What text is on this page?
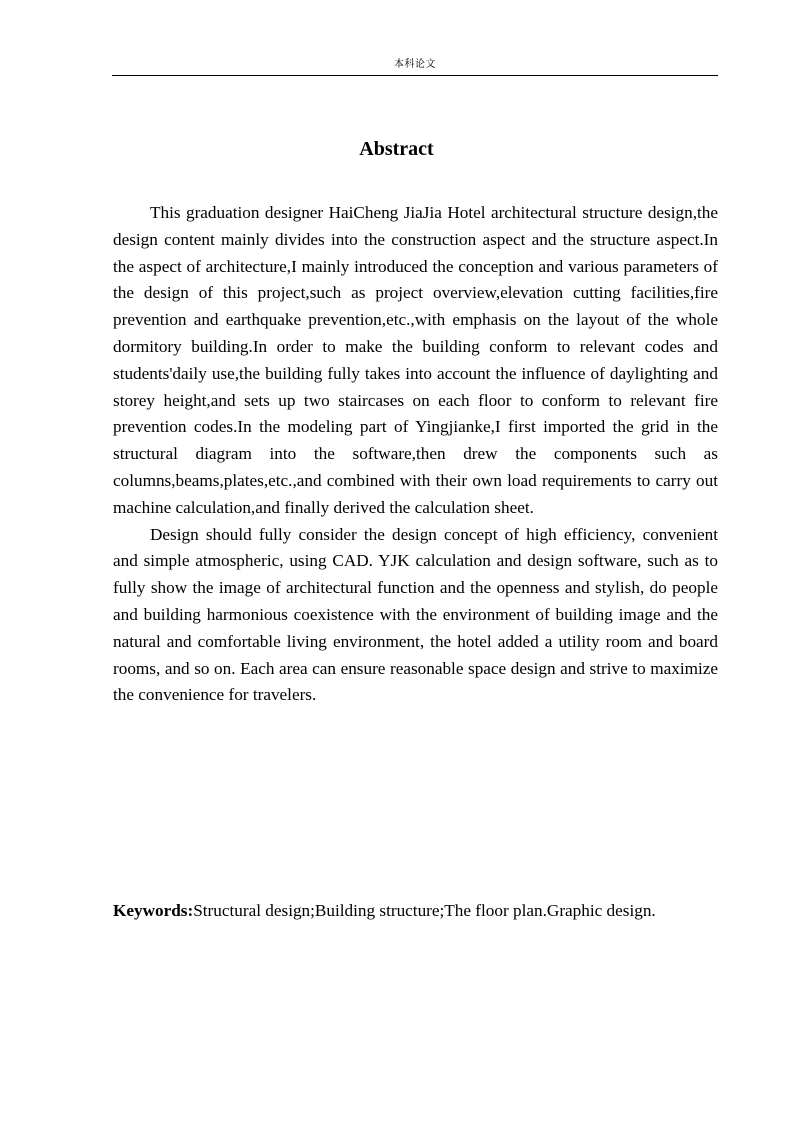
本科论文
Abstract

This graduation designer HaiCheng JiaJia Hotel architectural structure design,the design content mainly divides into the construction aspect and the structure aspect.In the aspect of architecture,I mainly introduced the conception and various parameters of the design of this project,such as project overview,elevation cutting facilities,fire prevention and earthquake prevention,etc.,with emphasis on the layout of the whole dormitory building.In order to make the building conform to relevant codes and students'daily use,the building fully takes into account the influence of daylighting and storey height,and sets up two staircases on each floor to conform to relevant fire prevention codes.In the modeling part of Yingjianke,I first imported the grid in the structural diagram into the software,then drew the components such as columns,beams,plates,etc.,and combined with their own load requirements to carry out machine calculation,and finally derived the calculation sheet.

Design should fully consider the design concept of high efficiency, convenient and simple atmospheric, using CAD. YJK calculation and design software, such as to fully show the image of architectural function and the openness and stylish, do people and building harmonious coexistence with the environment of building image and the natural and comfortable living environment, the hotel added a utility room and board rooms, and so on. Each area can ensure reasonable space design and strive to maximize the convenience for travelers.

Keywords:Structural design;Building structure;The floor plan.Graphic design.
